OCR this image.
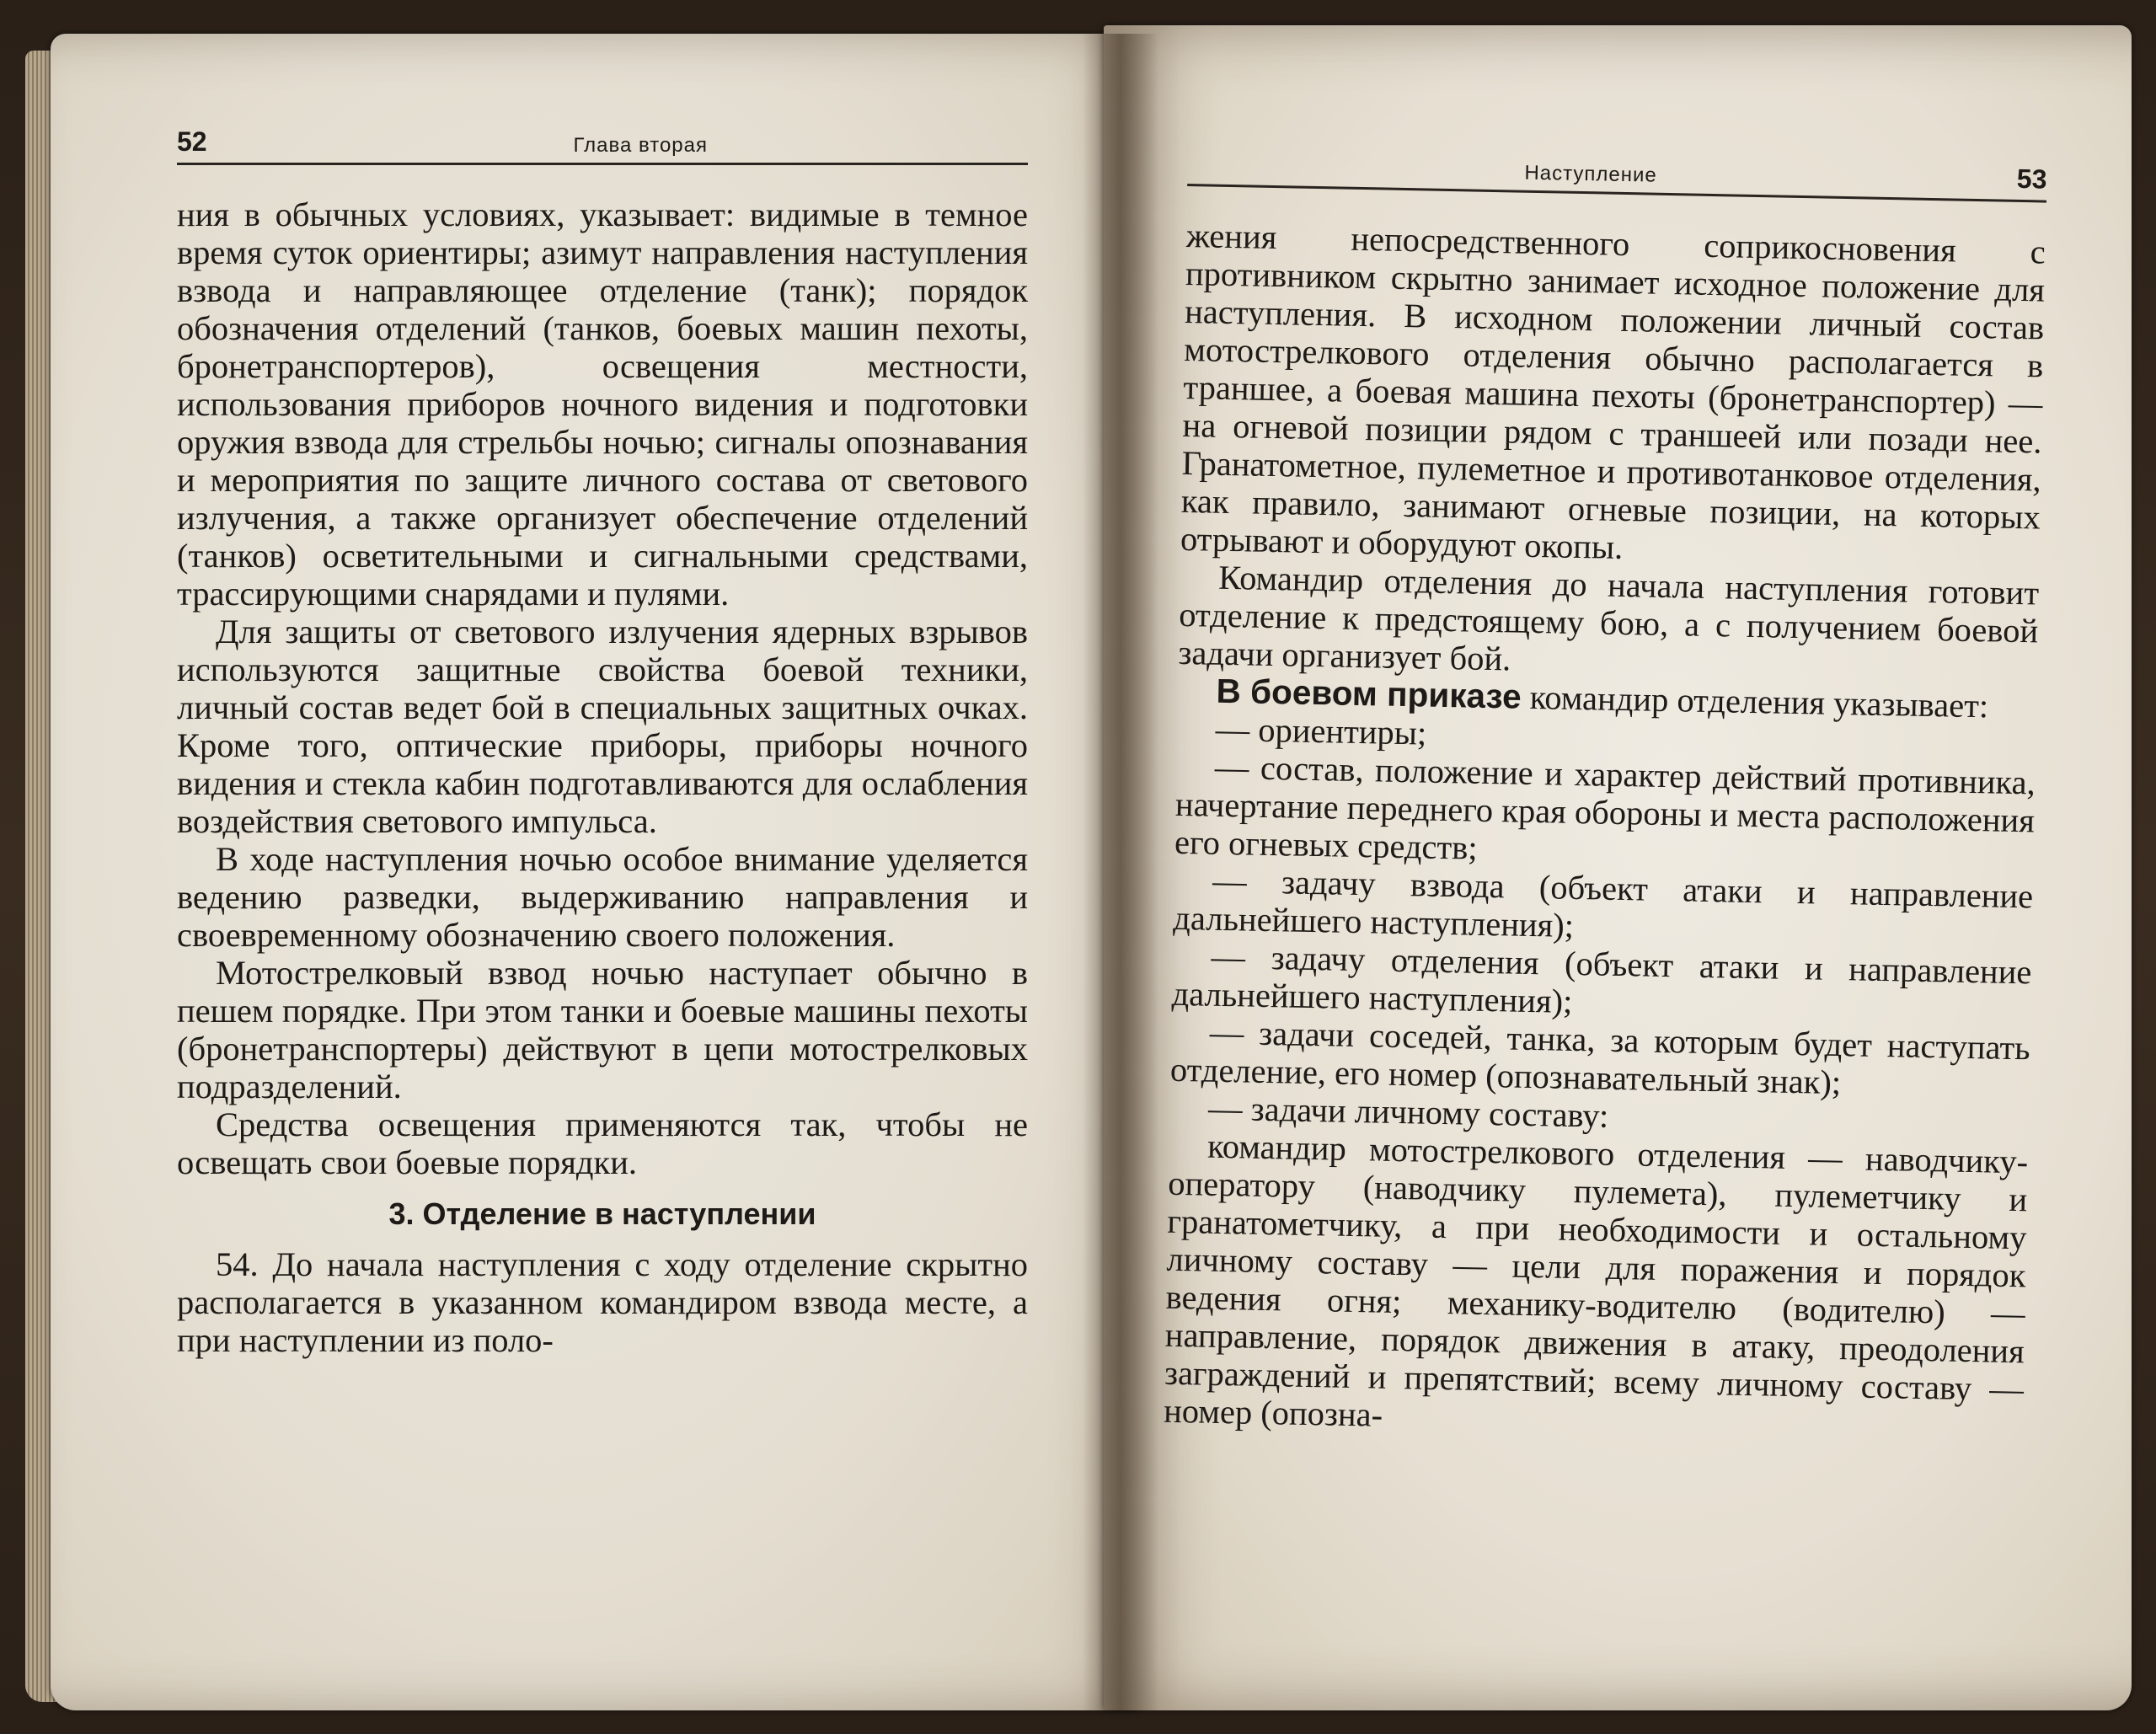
52	Глава вторая

ния в обычных условиях, указывает: видимые в темное время суток ориентиры; азимут направления наступления взвода и направляющее отделение (танк); порядок обозначения отделений (танков, боевых машин пехоты, бронетранспортеров), освещения местности, использования приборов ночного видения и подготовки оружия взвода для стрельбы ночью; сигналы опознавания и мероприятия по защите личного состава от светового излучения, а также организует обеспечение отделений (танков) осветительными и сигнальными средствами, трассирующими снарядами и пулями.

Для защиты от светового излучения ядерных взрывов используются защитные свойства боевой техники, личный состав ведет бой в специальных защитных очках. Кроме того, оптические приборы, приборы ночного видения и стекла кабин подготавливаются для ослабления воздействия светового импульса.

В ходе наступления ночью особое внимание уделяется ведению разведки, выдерживанию направления и своевременному обозначению своего положения.

Мотострелковый взвод ночью наступает обычно в пешем порядке. При этом танки и боевые машины пехоты (бронетранспортеры) действуют в цепи мотострелковых подразделений.

Средства освещения применяются так, чтобы не освещать свои боевые порядки.

3. Отделение в наступлении

54. До начала наступления с ходу отделение скрытно располагается в указанном командиром взвода месте, а при наступлении из поло-

Наступление	53

жения непосредственного соприкосновения с противником скрытно занимает исходное положение для наступления. В исходном положении личный состав мотострелкового отделения обычно располагается в траншее, а боевая машина пехоты (бронетранспортер) — на огневой позиции рядом с траншеей или позади нее. Гранатометное, пулеметное и противотанковое отделения, как правило, занимают огневые позиции, на которых отрывают и оборудуют окопы.

Командир отделения до начала наступления готовит отделение к предстоящему бою, а с получением боевой задачи организует бой.

В боевом приказе командир отделения указывает:

— ориентиры;

— состав, положение и характер действий противника, начертание переднего края обороны и места расположения его огневых средств;

— задачу взвода (объект атаки и направление дальнейшего наступления);

— задачу отделения (объект атаки и направление дальнейшего наступления);

— задачи соседей, танка, за которым будет наступать отделение, его номер (опознавательный знак);

— задачи личному составу:

командир мотострелкового отделения — наводчику-оператору (наводчику пулемета), пулеметчику и гранатометчику, а при необходимости и остальному личному составу — цели для поражения и порядок ведения огня; механику-водителю (водителю) — направление, порядок движения в атаку, преодоления заграждений и препятствий; всему личному составу — номер (опозна-
